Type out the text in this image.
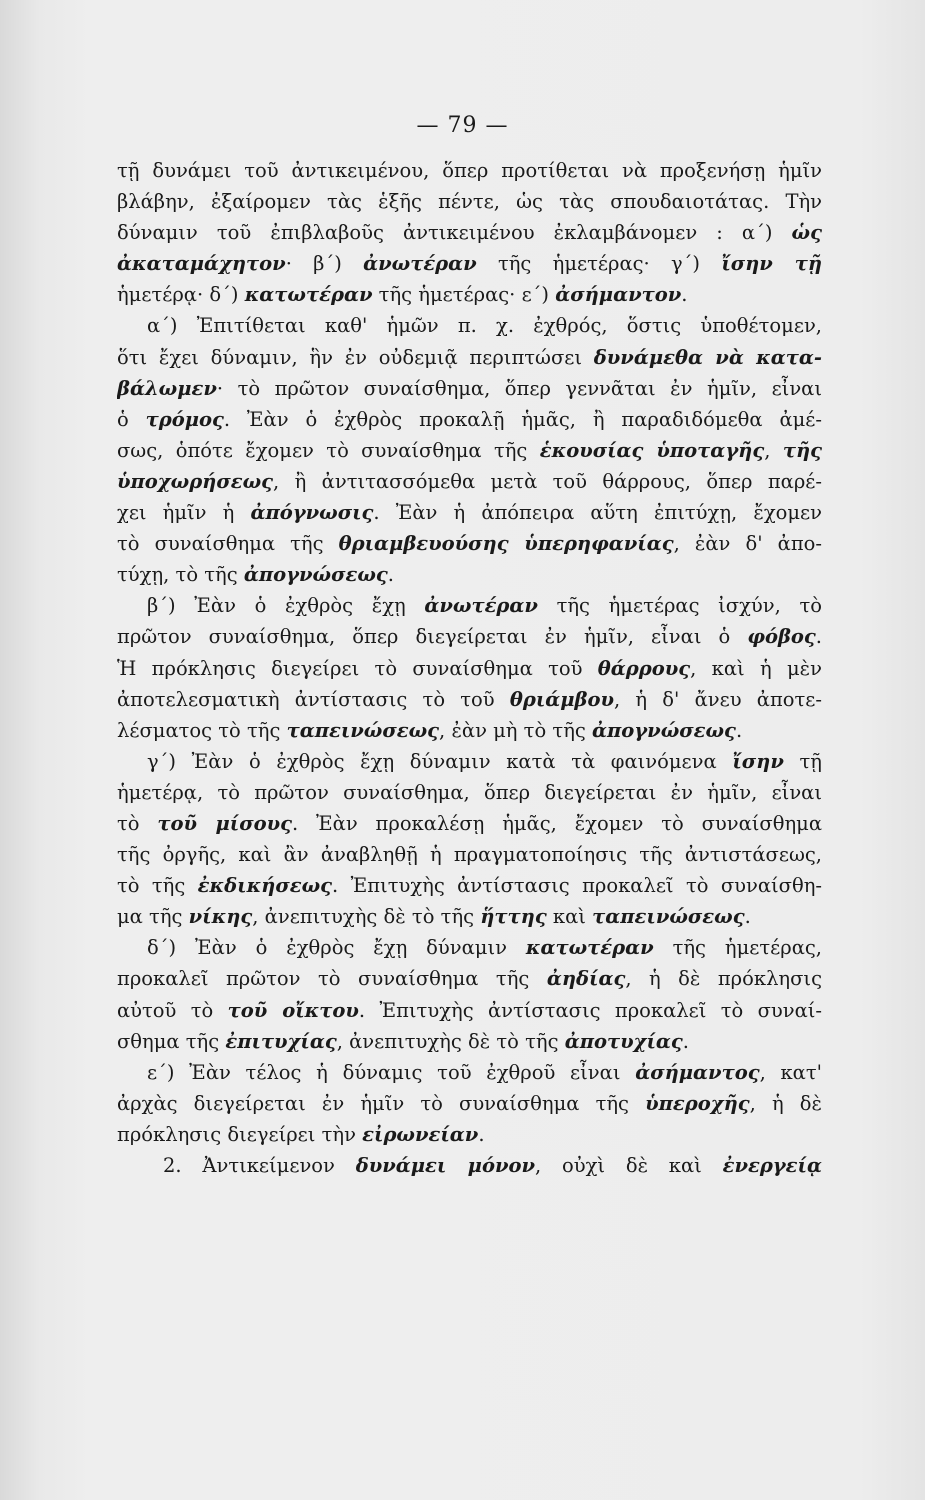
— 79 —
τῇ δυνάμει τοῦ ἀντικειμένου, ὅπερ προτίθεται νὰ προξενήσῃ ἡμῖν
βλάβην, ἐξαίρομεν τὰς ἑξῆς πέντε, ὡς τὰς σπουδαιοτάτας. Τὴν
δύναμιν τοῦ ἐπιβλαβοῦς ἀντικειμένου ἐκλαμβάνομεν : α΄) ὡς
ἀκαταμάχητον· β΄) ἀνωτέραν τῆς ἡμετέρας· γ΄) ἴσην τῇ
ἡμετέρᾳ· δ΄) κατωτέραν τῆς ἡμετέρας· ε΄) ἀσήμαντον.
α΄) Ἐπιτίθεται καθ' ἡμῶν π. χ. ἐχθρός, ὅστις ὑποθέτομεν,
ὅτι ἔχει δύναμιν, ἣν ἐν οὐδεμιᾷ περιπτώσει δυνάμεθα νὰ κατα-
βάλωμεν· τὸ πρῶτον συναίσθημα, ὅπερ γεννᾶται ἐν ἡμῖν, εἶναι
ὁ τρόμος. Ἐὰν ὁ ἐχθρὸς προκαλῇ ἡμᾶς, ἢ παραδιδόμεθα ἀμέ-
σως, ὁπότε ἔχομεν τὸ συναίσθημα τῆς ἑκουσίας ὑποταγῆς, τῆς
ὑποχωρήσεως, ἢ ἀντιτασσόμεθα μετὰ τοῦ θάρρους, ὅπερ παρέ-
χει ἡμῖν ἡ ἀπόγνωσις. Ἐὰν ἡ ἀπόπειρα αὕτη ἐπιτύχῃ, ἔχομεν
τὸ συναίσθημα τῆς θριαμβευούσης ὑπερηφανίας, ἐὰν δ' ἀπο-
τύχῃ, τὸ τῆς ἀπογνώσεως.
β΄) Ἐὰν ὁ ἐχθρὸς ἔχῃ ἀνωτέραν τῆς ἡμετέρας ἰσχύν, τὸ
πρῶτον συναίσθημα, ὅπερ διεγείρεται ἐν ἡμῖν, εἶναι ὁ φόβος.
Ἡ πρόκλησις διεγείρει τὸ συναίσθημα τοῦ θάρρους, καὶ ἡ μὲν
ἀποτελεσματικὴ ἀντίστασις τὸ τοῦ θριάμβου, ἡ δ' ἄνευ ἀποτε-
λέσματος τὸ τῆς ταπεινώσεως, ἐὰν μὴ τὸ τῆς ἀπογνώσεως.
γ΄) Ἐὰν ὁ ἐχθρὸς ἔχῃ δύναμιν κατὰ τὰ φαινόμενα ἴσην τῇ
ἡμετέρᾳ, τὸ πρῶτον συναίσθημα, ὅπερ διεγείρεται ἐν ἡμῖν, εἶναι
τὸ τοῦ μίσους. Ἐὰν προκαλέσῃ ἡμᾶς, ἔχομεν τὸ συναίσθημα
τῆς ὀργῆς, καὶ ἂν ἀναβληθῇ ἡ πραγματοποίησις τῆς ἀντιστάσεως,
τὸ τῆς ἐκδικήσεως. Ἐπιτυχὴς ἀντίστασις προκαλεῖ τὸ συναίσθη-
μα τῆς νίκης, ἀνεπιτυχὴς δὲ τὸ τῆς ἥττης καὶ ταπεινώσεως.
δ΄) Ἐὰν ὁ ἐχθρὸς ἔχῃ δύναμιν κατωτέραν τῆς ἡμετέρας,
προκαλεῖ πρῶτον τὸ συναίσθημα τῆς ἀηδίας, ἡ δὲ πρόκλησις
αὐτοῦ τὸ τοῦ οἴκτου. Ἐπιτυχὴς ἀντίστασις προκαλεῖ τὸ συναί-
σθημα τῆς ἐπιτυχίας, ἀνεπιτυχὴς δὲ τὸ τῆς ἀποτυχίας.
ε΄) Ἐὰν τέλος ἡ δύναμις τοῦ ἐχθροῦ εἶναι ἀσήμαντος, κατ'
ἀρχὰς διεγείρεται ἐν ἡμῖν τὸ συναίσθημα τῆς ὑπεροχῆς, ἡ δὲ
πρόκλησις διεγείρει τὴν εἰρωνείαν.
2. Ἀντικείμενον δυνάμει μόνον, οὐχὶ δὲ καὶ ἐνεργείᾳ
